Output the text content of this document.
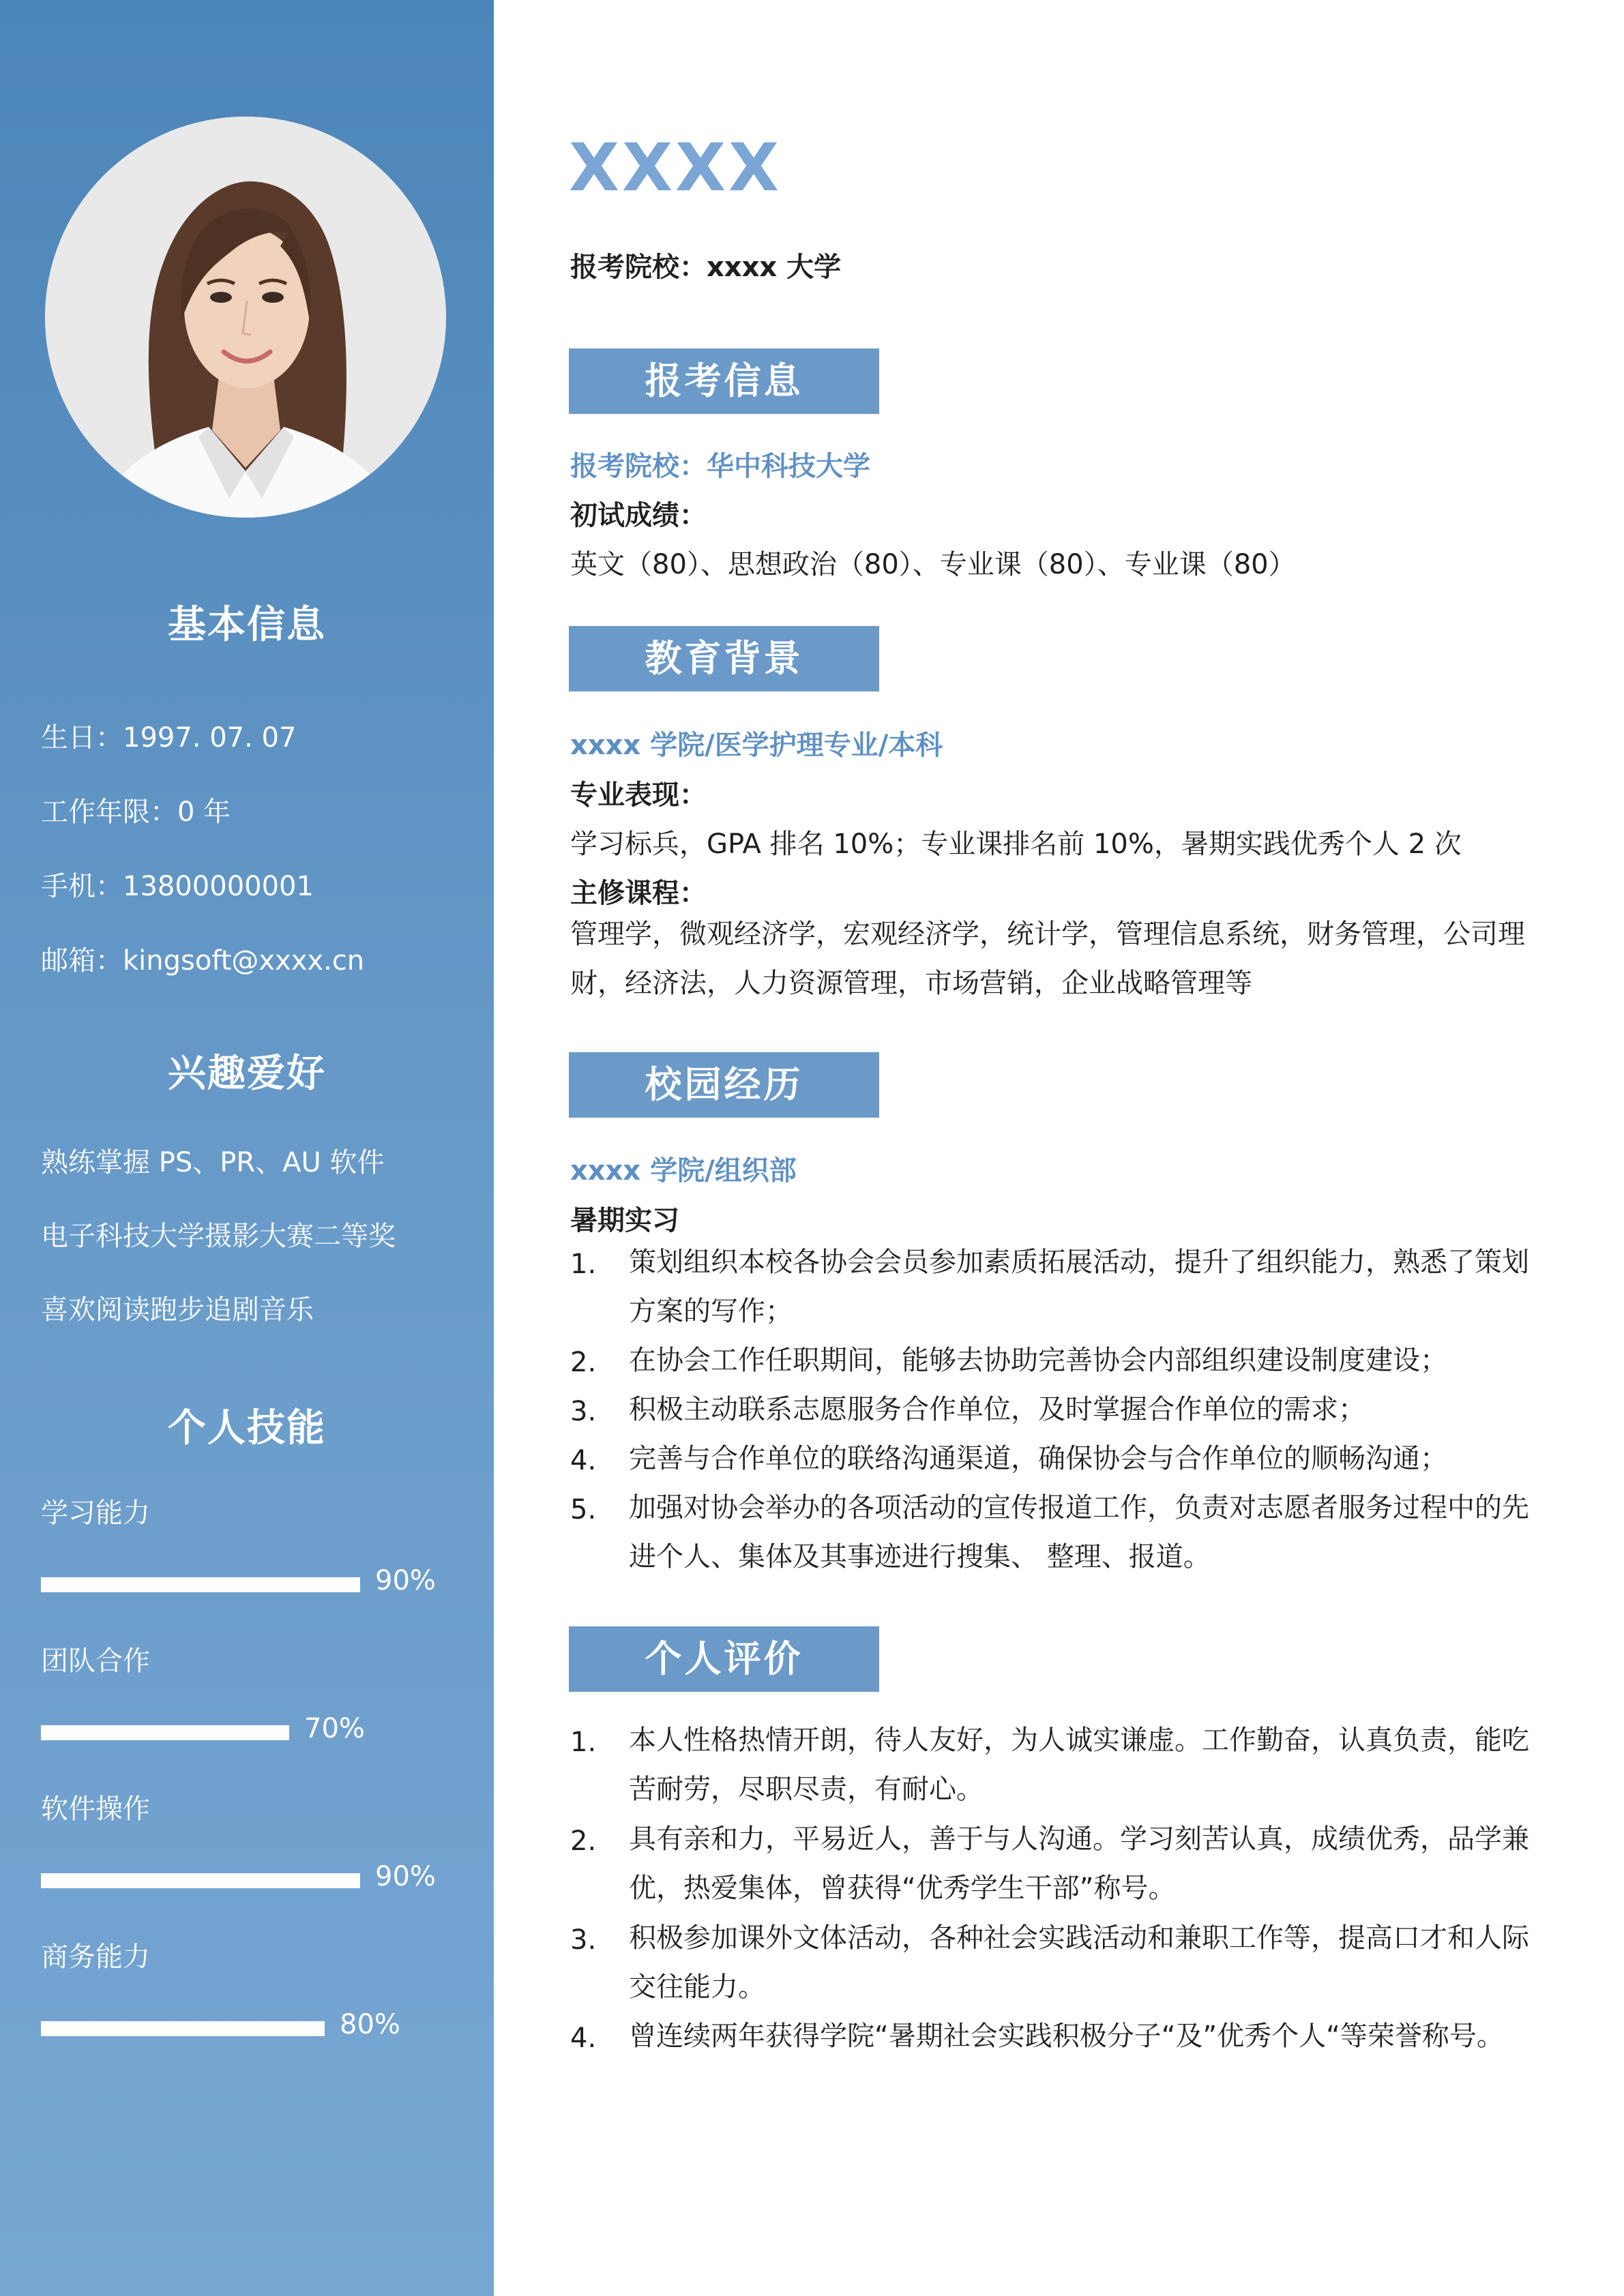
基本信息
生日：1997. 07. 07
工作年限：0 年
手机：13800000001
邮箱：kingsoft@xxxx.cn
兴趣爱好
熟练掌握 PS、PR、AU 软件
电子科技大学摄影大赛二等奖
喜欢阅读跑步追剧音乐
个人技能
学习能力
90%
团队合作
70%
软件操作
90%
商务能力
80%
XXXX
报考院校：xxxx 大学
报考信息
报考院校：华中科技大学
初试成绩：
英文（80）、思想政治（80）、专业课（80）、专业课（80）
教育背景
xxxx 学院/医学护理专业/本科
专业表现：
学习标兵，GPA 排名 10%；专业课排名前 10%，暑期实践优秀个人 2 次
主修课程：
管理学，微观经济学，宏观经济学，统计学，管理信息系统，财务管理，公司理财，经济法，人力资源管理，市场营销，企业战略管理等
校园经历
xxxx 学院/组织部
暑期实习
1. 策划组织本校各协会会员参加素质拓展活动，提升了组织能力，熟悉了策划方案的写作；
2. 在协会工作任职期间，能够去协助完善协会内部组织建设制度建设；
3. 积极主动联系志愿服务合作单位，及时掌握合作单位的需求；
4. 完善与合作单位的联络沟通渠道，确保协会与合作单位的顺畅沟通；
5. 加强对协会举办的各项活动的宣传报道工作，负责对志愿者服务过程中的先进个人、集体及其事迹进行搜集、 整理、报道。
个人评价
1. 本人性格热情开朗，待人友好，为人诚实谦虚。工作勤奋，认真负责，能吃苦耐劳，尽职尽责，有耐心。
2. 具有亲和力，平易近人，善于与人沟通。学习刻苦认真，成绩优秀，品学兼优，热爱集体，曾获得“优秀学生干部”称号。
3. 积极参加课外文体活动，各种社会实践活动和兼职工作等，提高口才和人际交往能力。
4. 曾连续两年获得学院“暑期社会实践积极分子“及”优秀个人“等荣誉称号。
